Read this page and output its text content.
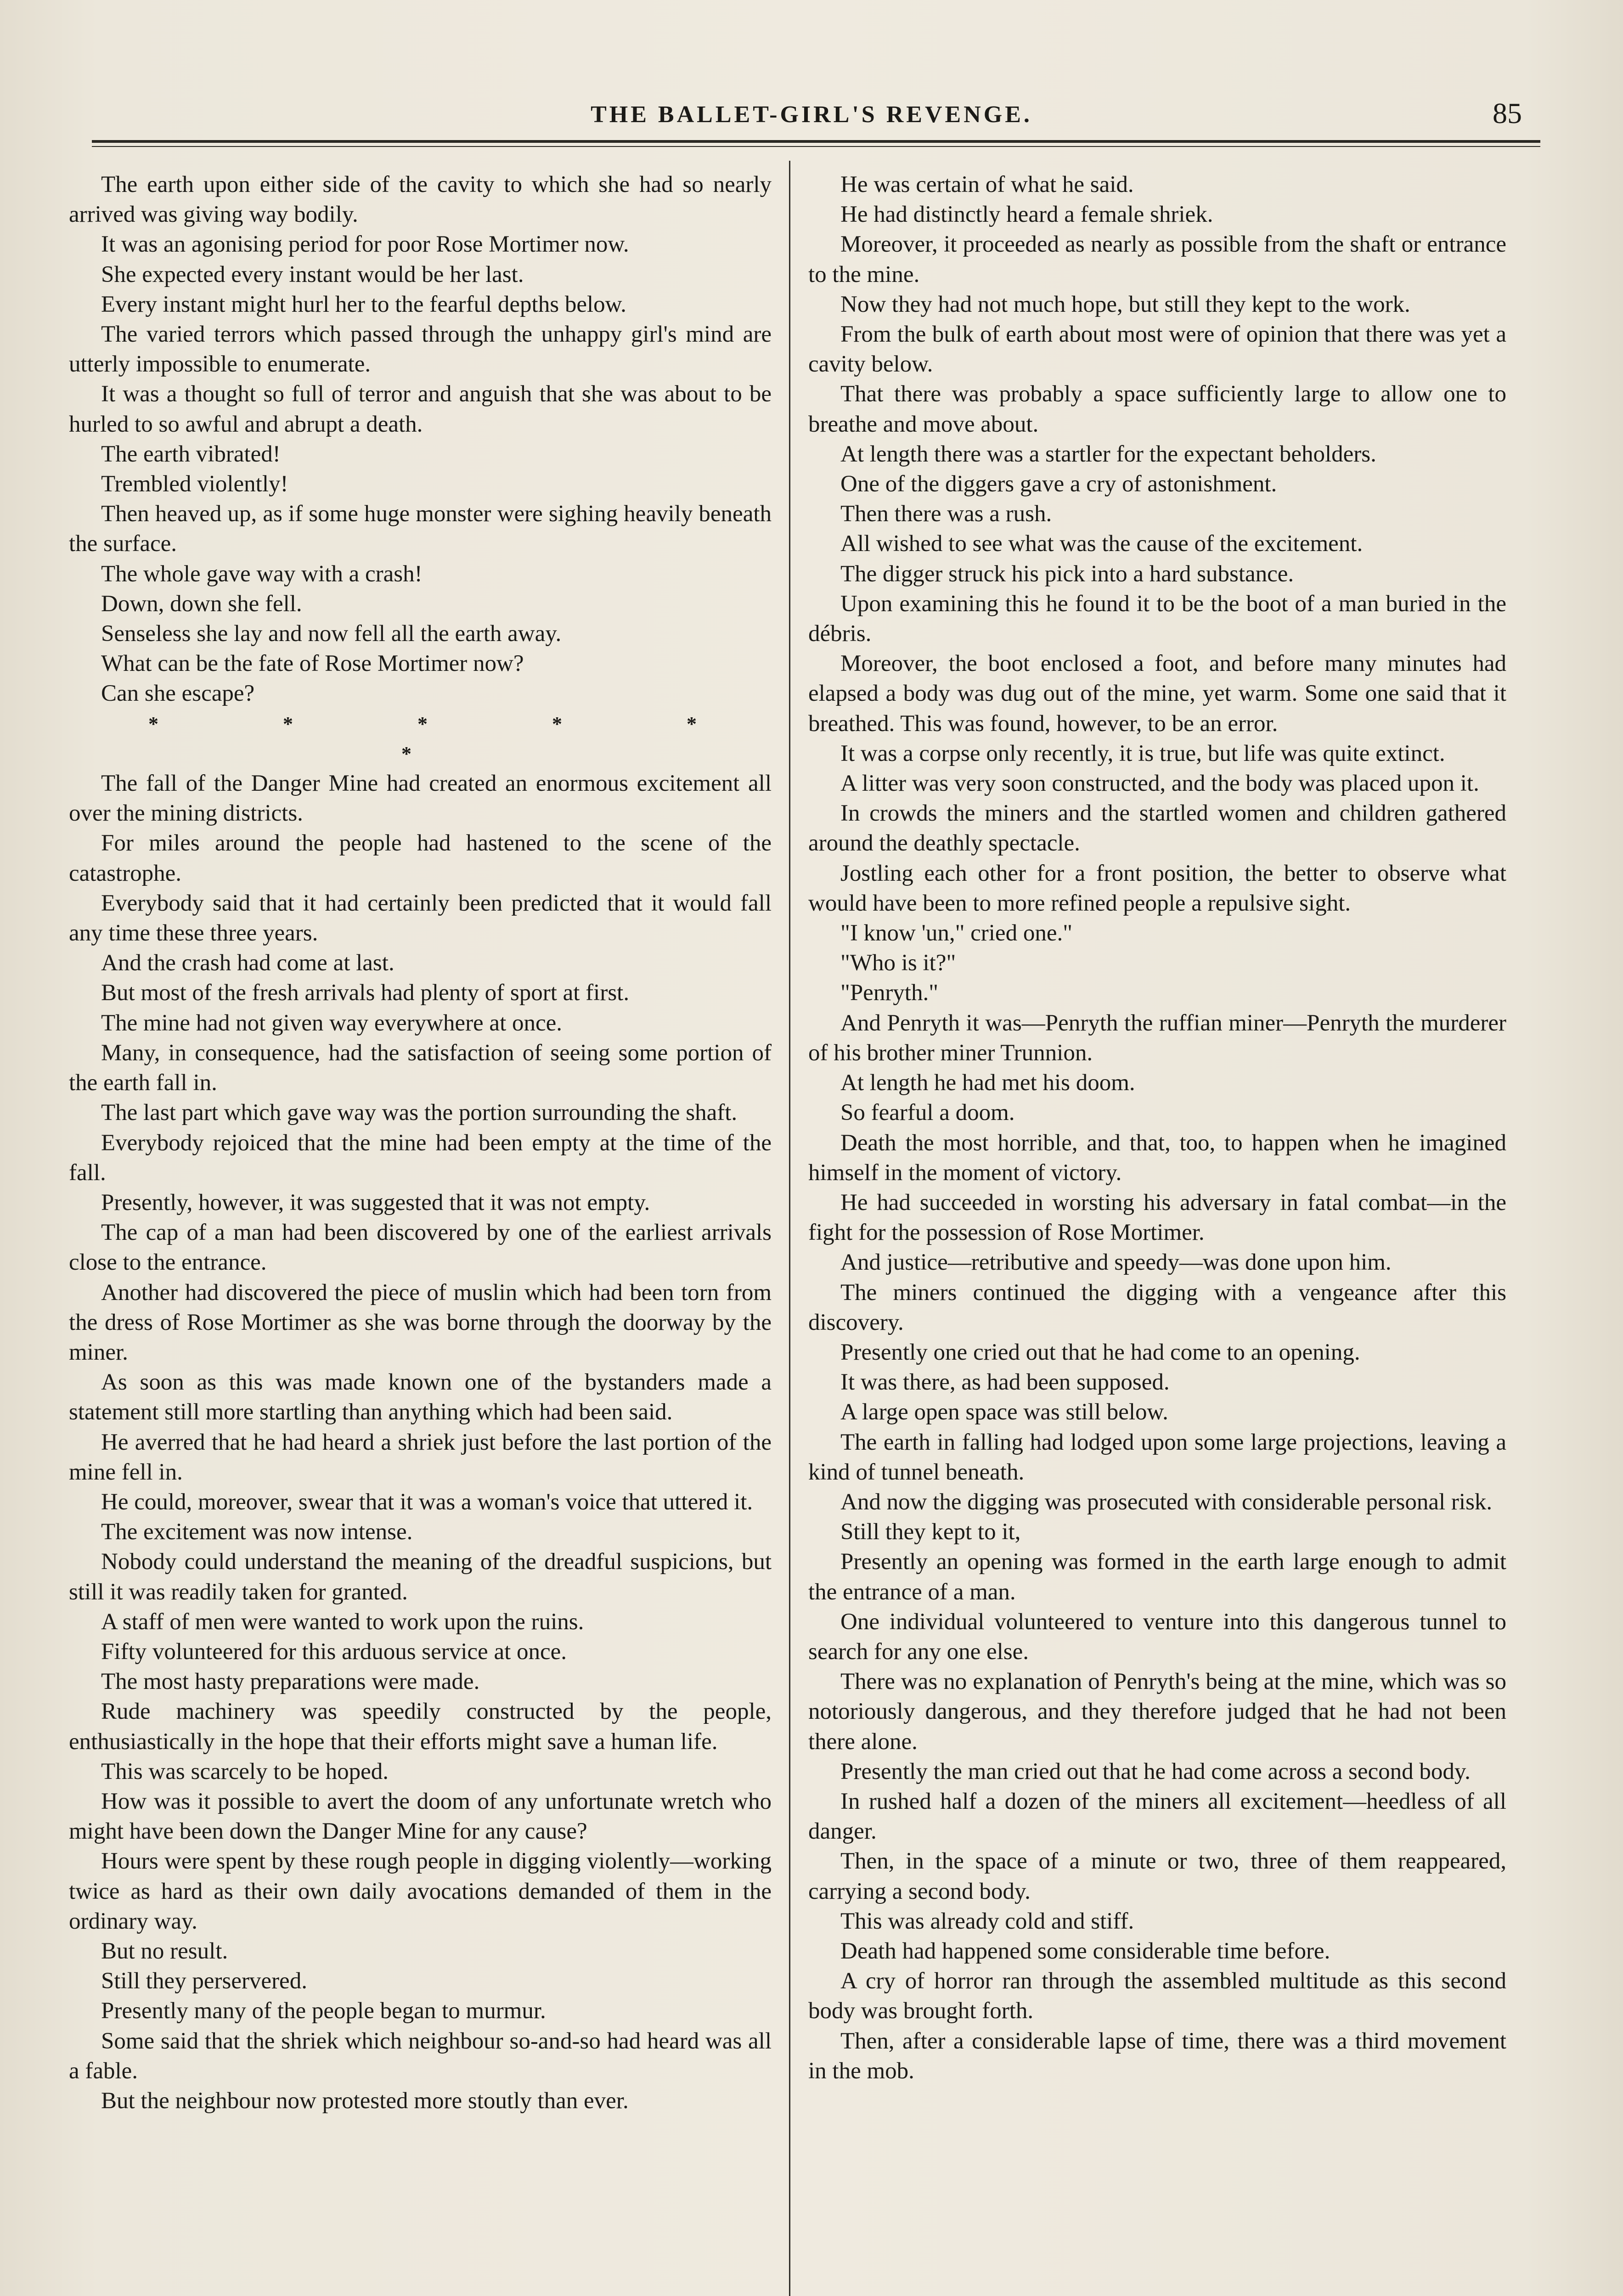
THE BALLET-GIRL'S REVENGE.	85

The earth upon either side of the cavity to which she had so nearly arrived was giving way bodily.

It was an agonising period for poor Rose Mortimer now.

She expected every instant would be her last.

Every instant might hurl her to the fearful depths below.

The varied terrors which passed through the unhappy girl's mind are utterly impossible to enumerate.

It was a thought so full of terror and anguish that she was about to be hurled to so awful and abrupt a death.

The earth vibrated!

Trembled violently!

Then heaved up, as if some huge monster were sighing heavily beneath the surface.

The whole gave way with a crash!

Down, down she fell.

Senseless she lay and now fell all the earth away.

What can be the fate of Rose Mortimer now?

Can she escape?

* * * * * *

The fall of the Danger Mine had created an enormous excitement all over the mining districts.

For miles around the people had hastened to the scene of the catastrophe.

Everybody said that it had certainly been predicted that it would fall any time these three years.

And the crash had come at last.

But most of the fresh arrivals had plenty of sport at first.

The mine had not given way everywhere at once.

Many, in consequence, had the satisfaction of seeing some portion of the earth fall in.

The last part which gave way was the portion surrounding the shaft.

Everybody rejoiced that the mine had been empty at the time of the fall.

Presently, however, it was suggested that it was not empty.

The cap of a man had been discovered by one of the earliest arrivals close to the entrance.

Another had discovered the piece of muslin which had been torn from the dress of Rose Mortimer as she was borne through the doorway by the miner.

As soon as this was made known one of the bystanders made a statement still more startling than anything which had been said.

He averred that he had heard a shriek just before the last portion of the mine fell in.

He could, moreover, swear that it was a woman's voice that uttered it.

The excitement was now intense.

Nobody could understand the meaning of the dreadful suspicions, but still it was readily taken for granted.

A staff of men were wanted to work upon the ruins.

Fifty volunteered for this arduous service at once.

The most hasty preparations were made.

Rude machinery was speedily constructed by the people, enthusiastically in the hope that their efforts might save a human life.

This was scarcely to be hoped.

How was it possible to avert the doom of any unfortunate wretch who might have been down the Danger Mine for any cause?

Hours were spent by these rough people in digging violently—working twice as hard as their own daily avocations demanded of them in the ordinary way.

But no result.

Still they perservered.

Presently many of the people began to murmur.

Some said that the shriek which neighbour so-and-so had heard was all a fable.

But the neighbour now protested more stoutly than ever.

He was certain of what he said.

He had distinctly heard a female shriek.

Moreover, it proceeded as nearly as possible from the shaft or entrance to the mine.

Now they had not much hope, but still they kept to the work.

From the bulk of earth about most were of opinion that there was yet a cavity below.

That there was probably a space sufficiently large to allow one to breathe and move about.

At length there was a startler for the expectant beholders.

One of the diggers gave a cry of astonishment.

Then there was a rush.

All wished to see what was the cause of the excitement.

The digger struck his pick into a hard substance.

Upon examining this he found it to be the boot of a man buried in the débris.

Moreover, the boot enclosed a foot, and before many minutes had elapsed a body was dug out of the mine, yet warm. Some one said that it breathed. This was found, however, to be an error.

It was a corpse only recently, it is true, but life was quite extinct.

A litter was very soon constructed, and the body was placed upon it.

In crowds the miners and the startled women and children gathered around the deathly spectacle.

Jostling each other for a front position, the better to observe what would have been to more refined people a repulsive sight.

"I know 'un," cried one."

"Who is it?"

"Penryth."

And Penryth it was—Penryth the ruffian miner—Penryth the murderer of his brother miner Trunnion.

At length he had met his doom.

So fearful a doom.

Death the most horrible, and that, too, to happen when he imagined himself in the moment of victory.

He had succeeded in worsting his adversary in fatal combat—in the fight for the possession of Rose Mortimer.

And justice—retributive and speedy—was done upon him.

The miners continued the digging with a vengeance after this discovery.

Presently one cried out that he had come to an opening.

It was there, as had been supposed.

A large open space was still below.

The earth in falling had lodged upon some large projections, leaving a kind of tunnel beneath.

And now the digging was prosecuted with considerable personal risk.

Still they kept to it,

Presently an opening was formed in the earth large enough to admit the entrance of a man.

One individual volunteered to venture into this dangerous tunnel to search for any one else.

There was no explanation of Penryth's being at the mine, which was so notoriously dangerous, and they therefore judged that he had not been there alone.

Presently the man cried out that he had come across a second body.

In rushed half a dozen of the miners all excitement—heedless of all danger.

Then, in the space of a minute or two, three of them reappeared, carrying a second body.

This was already cold and stiff.

Death had happened some considerable time before.

A cry of horror ran through the assembled multitude as this second body was brought forth.

Then, after a considerable lapse of time, there was a third movement in the mob.
